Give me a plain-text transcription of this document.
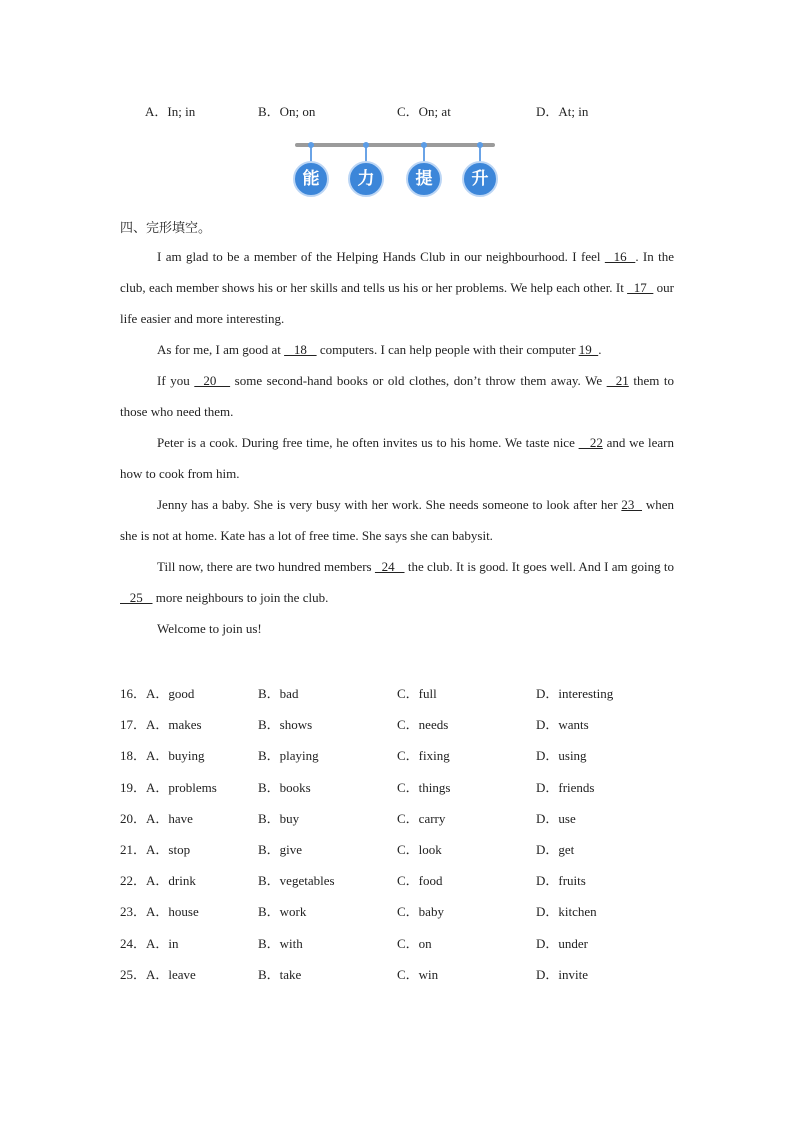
A．In; in	B．On; on	C．On; at	D．At; in
能	力	提	升
四、完形填空。

I am glad to be a member of the Helping Hands Club in our neighbourhood. I feel   16  . In the club, each member shows his or her skills and tells us his or her problems. We help each other. It   17   our life easier and more interesting.

As for me, I am good at    18    computers. I can help people with their computer 19  .

If you   20    some second-hand books or old clothes, don’t throw them away. We   21 them to those who need them.

Peter is a cook. During free time, he often invites us to his home. We taste nice    22 and we learn how to cook from him.

Jenny has a baby. She is very busy with her work. She needs someone to look after her 23   when she is not at home. Kate has a lot of free time. She says she can babysit.

Till now, there are two hundred members   24    the club. It is good. It goes well. And I am going to    25    more neighbours to join the club.

Welcome to join us!

16．A．good	B．bad	C．full	D．interesting
17．A．makes	B．shows	C．needs	D．wants
18．A．buying	B．playing	C．fixing	D．using
19．A．problems	B．books	C．things	D．friends
20．A．have	B．buy	C．carry	D．use
21．A．stop	B．give	C．look	D．get
22．A．drink	B．vegetables	C．food	D．fruits
23．A．house	B．work	C．baby	D．kitchen
24．A．in	B．with	C．on	D．under
25．A．leave	B．take	C．win	D．invite
